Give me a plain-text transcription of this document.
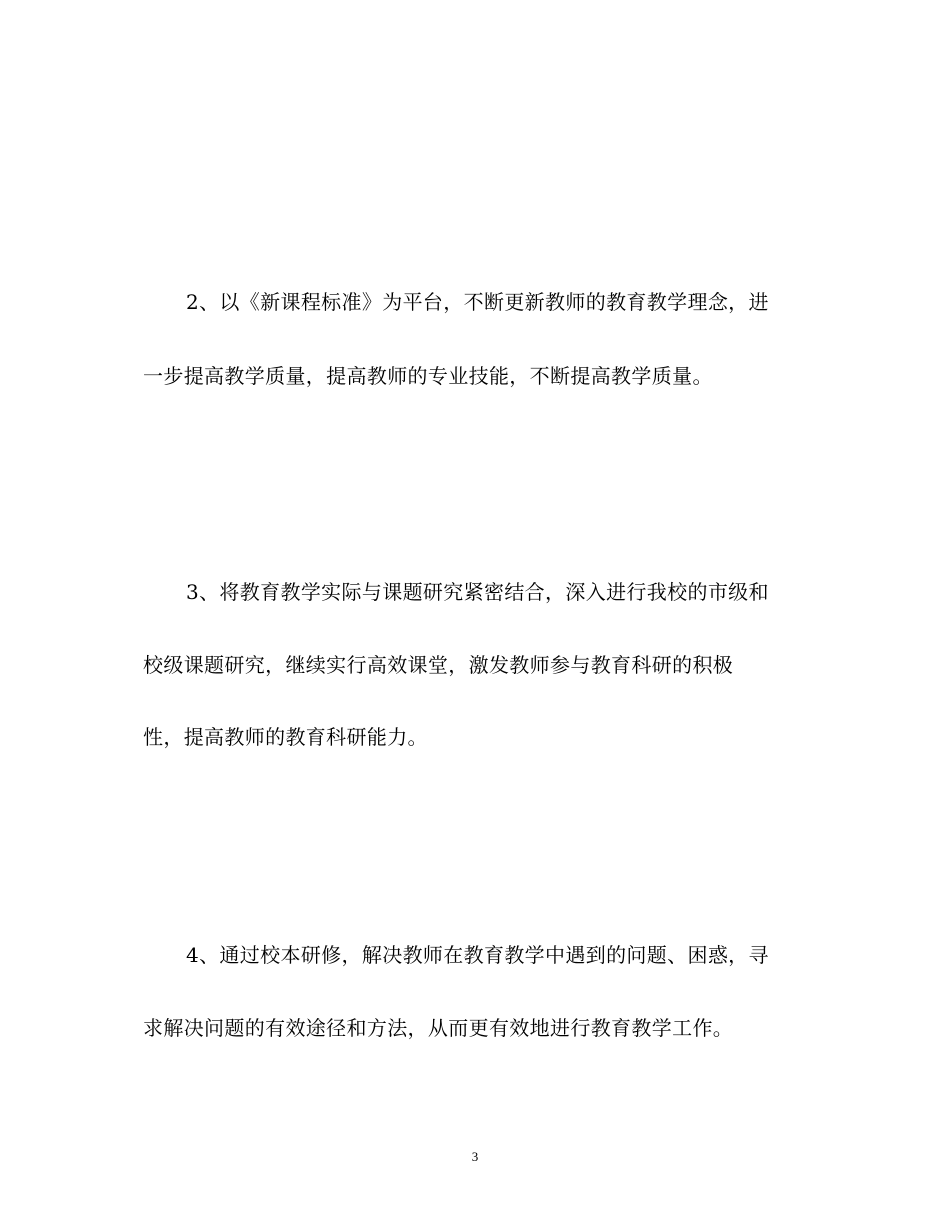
2、以《新课程标准》为平台，不断更新教师的教育教学理念，进
一步提高教学质量，提高教师的专业技能，不断提高教学质量。
3、将教育教学实际与课题研究紧密结合，深入进行我校的市级和
校级课题研究，继续实行高效课堂，激发教师参与教育科研的积极
性，提高教师的教育科研能力。
4、通过校本研修，解决教师在教育教学中遇到的问题、困惑，寻
求解决问题的有效途径和方法，从而更有效地进行教育教学工作。
3
